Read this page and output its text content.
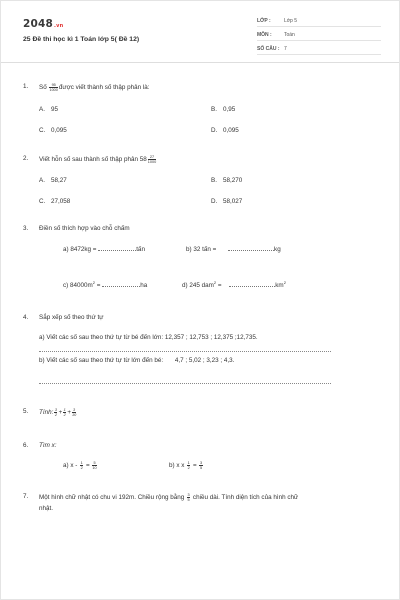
2048.vn
25 Đề thi học kì 1 Toán lớp 5( Đề 12)
LỚP :	Lớp 5
MÔN : Toán
SỐ CÂU : 7
1. Số $\frac{95}{1000}$ được viết thành số thập phân là:
A. 95	B. 0,95
C. 0,095	D. 0,095
2. Viết hỗn số sau thành số thập phân $58 \frac{27}{1000}$
A. 58,27	B. 58,270
C. 27,058	D. 58,027
3. Điền số thích hợp vào chỗ chấm
a) 8472kg =	tấn	b) 32 tấn =	kg
c) $84000m^2$ =	ha	d) 245 dam$^2$ =	$km^2$
4. Sắp xếp số theo thứ tự
a) Viết các số sau theo thứ tự từ bé đến lớn: 12,357 ; 12,753 ; 12,375 ;12,735.
b) Viết các số sau theo thứ tự từ lớn đến bé: 4,7 ; 5,02 ; 3,23 ; 4,3.
5. Tính: $\frac{3}{2} + \frac{1}{2} + \frac{3}{10}$
6. Tìm x:
a) $x - \frac{1}{2} = \frac{5}{10}$	b) x x $\frac{1}{2} = \frac{3}{5}$
7. Một hình chữ nhật có chu vi 192m. Chiều rộng bằng $\frac{3}{5}$ chiều dài. Tính diện tích của hình chữ
nhật.
